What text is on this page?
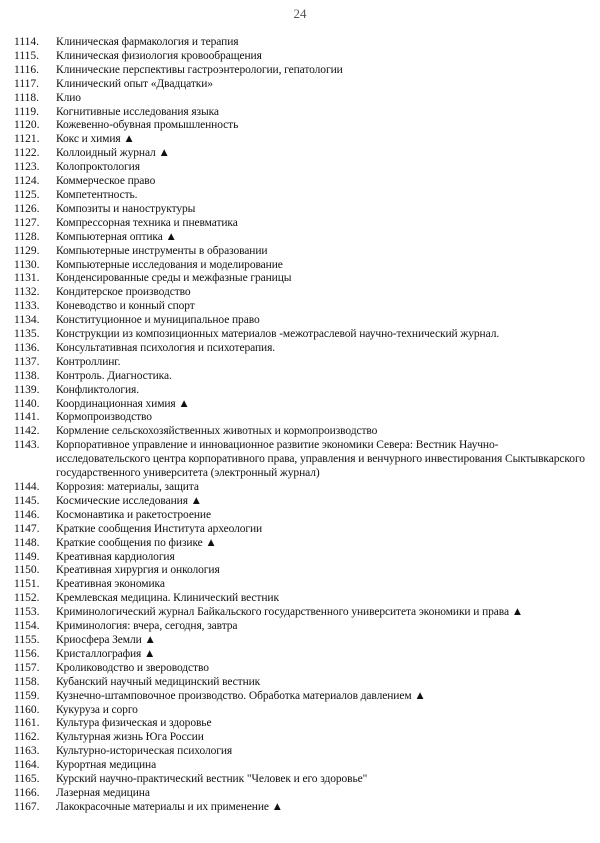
24
1114.	Клиническая фармакология и терапия
1115.	Клиническая физиология кровообращения
1116.	Клинические перспективы гастроэнтерологии, гепатологии
1117.	Клинический опыт «Двадцатки»
1118.	Клио
1119.	Когнитивные исследования языка
1120.	Кожевенно-обувная промышленность
1121.	Кокс и химия ▲
1122.	Коллоидный журнал ▲
1123.	Колопроктология
1124.	Коммерческое право
1125.	Компетентность.
1126.	Композиты и наноструктуры
1127.	Компрессорная техника и пневматика
1128.	Компьютерная оптика ▲
1129.	Компьютерные инструменты в образовании
1130.	Компьютерные исследования и моделирование
1131.	Конденсированные среды и межфазные границы
1132.	Кондитерское производство
1133.	Коневодство и конный спорт
1134.	Конституционное и муниципальное право
1135.	Конструкции из композиционных материалов -межотраслевой научно-технический журнал.
1136.	Консультативная психология и психотерапия.
1137.	Контроллинг.
1138.	Контроль. Диагностика.
1139.	Конфликтология.
1140.	Координационная химия ▲
1141.	Кормопроизводство
1142.	Кормление сельскохозяйственных животных и кормопроизводство
1143.	Корпоративное управление и инновационное развитие экономики Севера: Вестник Научно-исследовательского центра корпоративного права, управления и венчурного инвестирования Сыктывкарского государственного университета (электронный журнал)
1144.	Коррозия: материалы, защита
1145.	Космические исследования ▲
1146.	Космонавтика и ракетостроение
1147.	Краткие сообщения Института археологии
1148.	Краткие сообщения по физике ▲
1149.	Креативная кардиология
1150.	Креативная хирургия и онкология
1151.	Креативная экономика
1152.	Кремлевская медицина. Клинический вестник
1153.	Криминологический журнал Байкальского государственного университета экономики и права ▲
1154.	Криминология: вчера, сегодня, завтра
1155.	Криосфера Земли ▲
1156.	Кристаллография ▲
1157.	Кролиководство и звероводство
1158.	Кубанский научный медицинский вестник
1159.	Кузнечно-штамповочное производство. Обработка материалов давлением ▲
1160.	Кукуруза и сорго
1161.	Культура физическая и здоровье
1162.	Культурная жизнь Юга России
1163.	Культурно-историческая психология
1164.	Курортная медицина
1165.	Курский научно-практический вестник "Человек и его здоровье"
1166.	Лазерная медицина
1167.	Лакокрасочные материалы и их применение ▲
